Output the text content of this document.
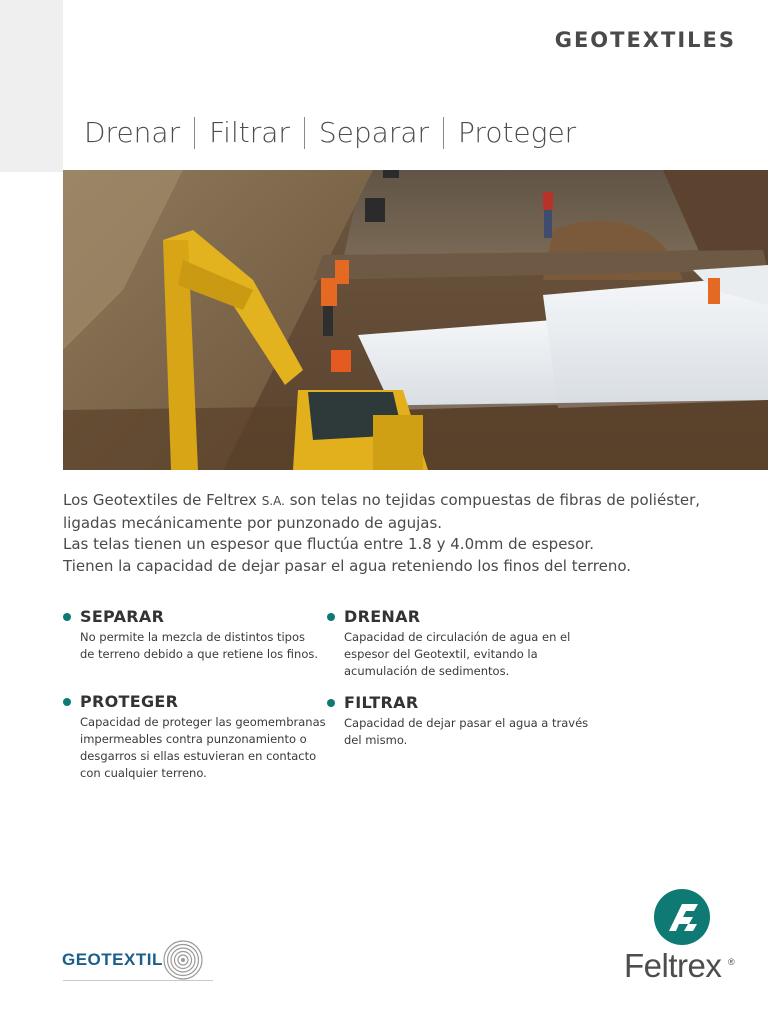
GEOTEXTILES
Drenar Filtrar Separar Proteger

Los Geotextiles de Feltrex S.A. son telas no tejidas compuestas de fibras de poliéster,

ligadas mecánicamente por punzonado de agujas.

Las telas tienen un espesor que fluctúa entre 1.8 y 4.0mm de espesor.

Tienen la capacidad de dejar pasar el agua reteniendo los finos del terreno.

SEPARAR
No permite la mezcla de distintos tipos
de terreno debido a que retiene los finos.
DRENAR
Capacidad de circulación de agua en el
espesor del Geotextil, evitando la
acumulación de sedimentos.
PROTEGER
Capacidad de proteger las geomembranas
impermeables contra punzonamiento o
desgarros si ellas estuvieran en contacto
con cualquier terreno.
FILTRAR
Capacidad de dejar pasar el agua a través
del mismo.
GEOTEXTIL	Feltrex ®
